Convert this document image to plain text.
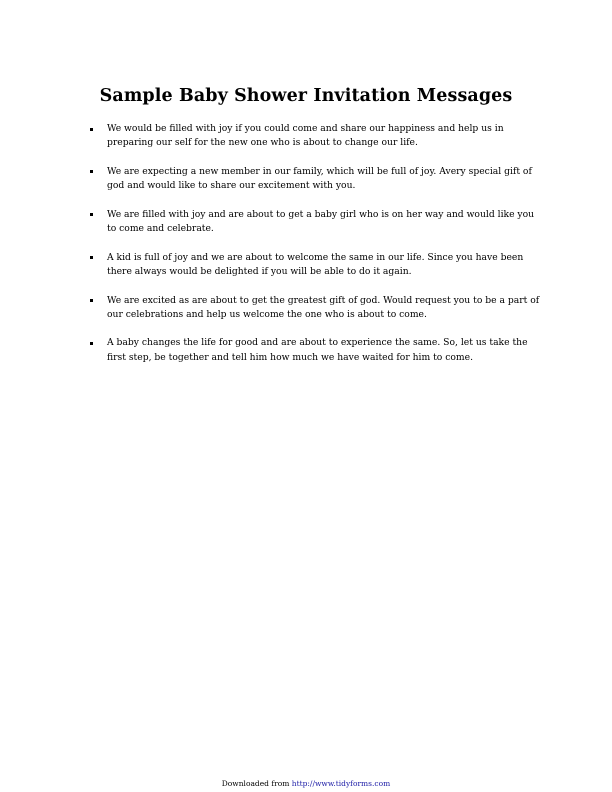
Sample Baby Shower Invitation Messages
We would be filled with joy if you could come and share our happiness and help us in preparing our self for the new one who is about to change our life.
We are expecting a new member in our family, which will be full of joy. Avery special gift of god and would like to share our excitement with you.
We are filled with joy and are about to get a baby girl who is on her way and would like you to come and celebrate.
A kid is full of joy and we are about to welcome the same in our life. Since you have been there always would be delighted if you will be able to do it again.
We are excited as are about to get the greatest gift of god. Would request you to be a part of our celebrations and help us welcome the one who is about to come.
A baby changes the life for good and are about to experience the same. So, let us take the first step, be together and tell him how much we have waited for him to come.
Downloaded from http://www.tidyforms.com
